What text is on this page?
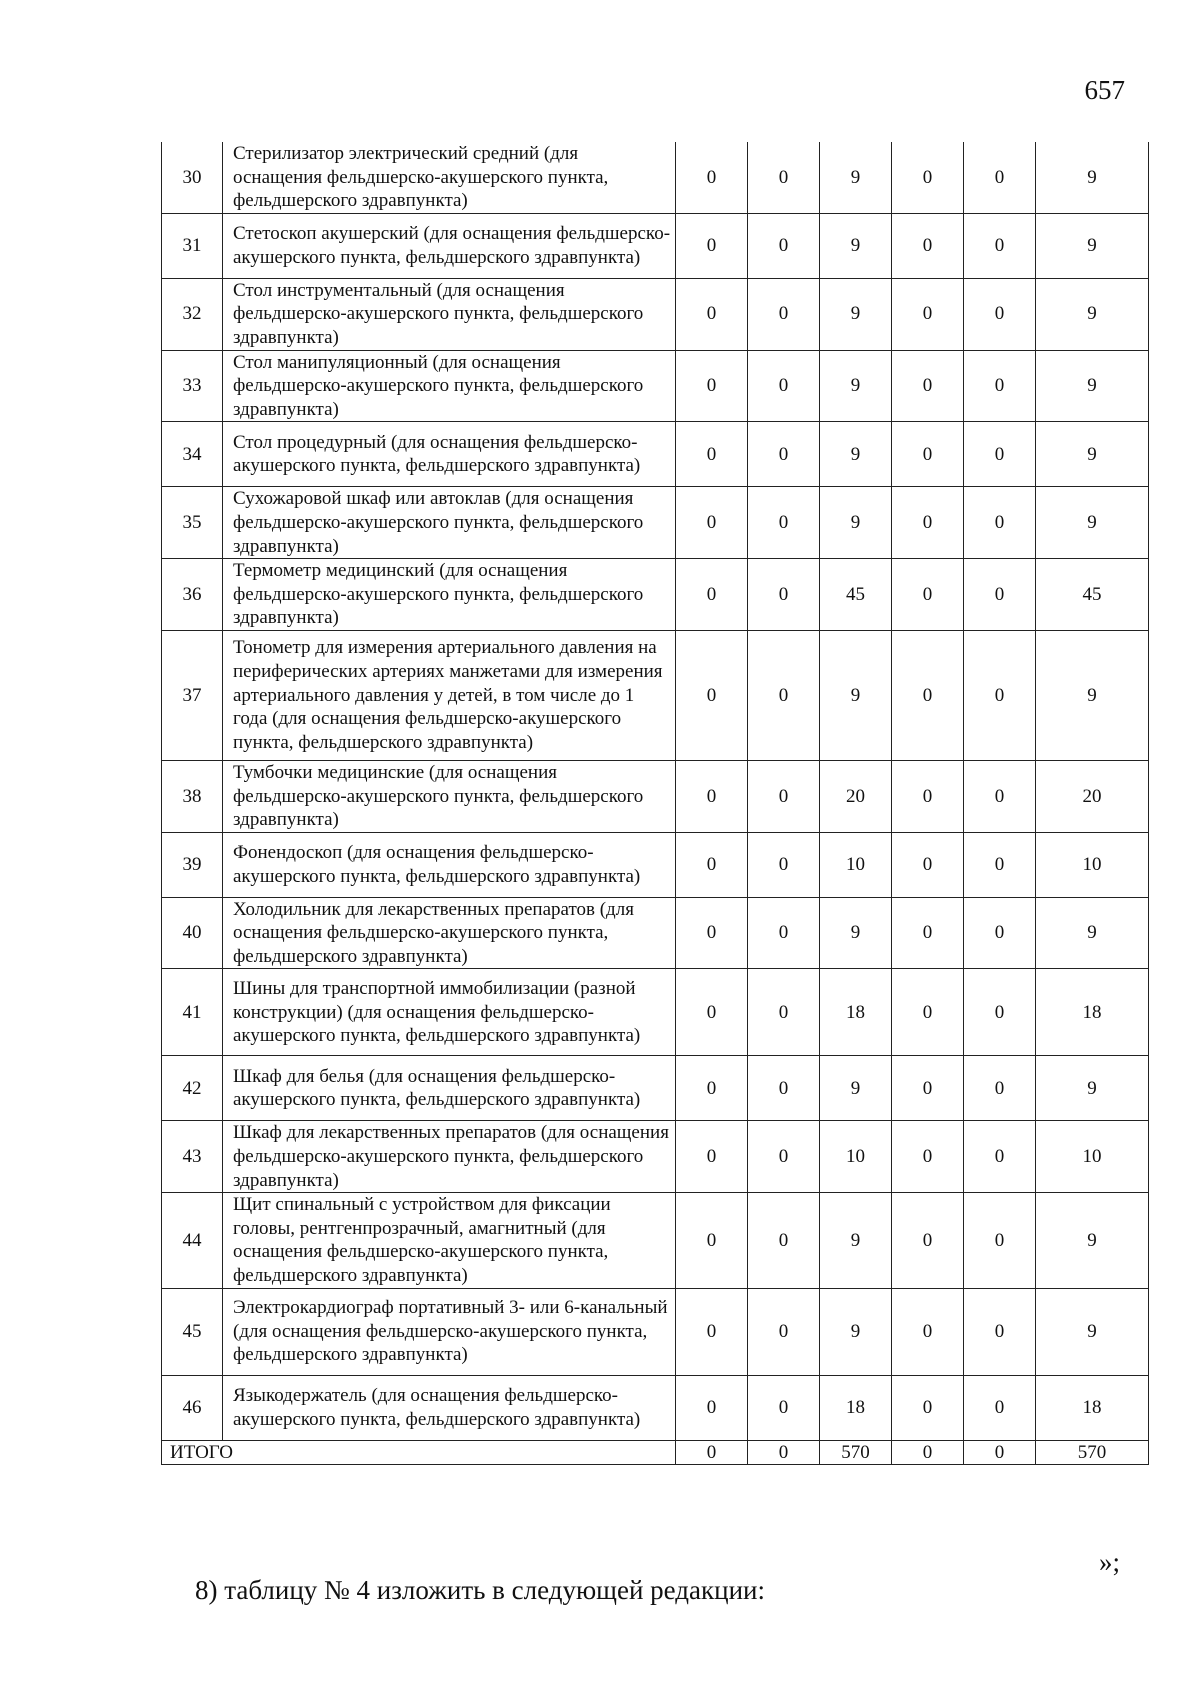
657
30	Стерилизатор электрический средний (для оснащения фельдшерско-акушерского пункта, фельдшерского здравпункта)	0	0	9	0	0	9
31	Стетоскоп акушерский (для оснащения фельдшерско-акушерского пункта, фельдшерского здравпункта)	0	0	9	0	0	9
32	Стол инструментальный (для оснащения фельдшерско-акушерского пункта, фельдшерского здравпункта)	0	0	9	0	0	9
33	Стол манипуляционный (для оснащения фельдшерско-акушерского пункта, фельдшерского здравпункта)	0	0	9	0	0	9
34	Стол процедурный (для оснащения фельдшерско-акушерского пункта, фельдшерского здравпункта)	0	0	9	0	0	9
35	Сухожаровой шкаф или автоклав (для оснащения фельдшерско-акушерского пункта, фельдшерского здравпункта)	0	0	9	0	0	9
36	Термометр медицинский (для оснащения фельдшерско-акушерского пункта, фельдшерского здравпункта)	0	0	45	0	0	45
37	Тонометр для измерения артериального давления на периферических артериях манжетами для измерения артериального давления у детей, в том числе до 1 года (для оснащения фельдшерско-акушерского пункта, фельдшерского здравпункта)	0	0	9	0	0	9
38	Тумбочки медицинские (для оснащения фельдшерско-акушерского пункта, фельдшерского здравпункта)	0	0	20	0	0	20
39	Фонендоскоп (для оснащения фельдшерско-акушерского пункта, фельдшерского здравпункта)	0	0	10	0	0	10
40	Холодильник для лекарственных препаратов (для оснащения фельдшерско-акушерского пункта, фельдшерского здравпункта)	0	0	9	0	0	9
41	Шины для транспортной иммобилизации (разной конструкции) (для оснащения фельдшерско-акушерского пункта, фельдшерского здравпункта)	0	0	18	0	0	18
42	Шкаф для белья (для оснащения фельдшерско-акушерского пункта, фельдшерского здравпункта)	0	0	9	0	0	9
43	Шкаф для лекарственных препаратов (для оснащения фельдшерско-акушерского пункта, фельдшерского здравпункта)	0	0	10	0	0	10
44	Щит спинальный с устройством для фиксации головы, рентгенпрозрачный, амагнитный (для оснащения фельдшерско-акушерского пункта, фельдшерского здравпункта)	0	0	9	0	0	9
45	Электрокардиограф портативный 3- или 6-канальный (для оснащения фельдшерско-акушерского пункта, фельдшерского здравпункта)	0	0	9	0	0	9
46	Языкодержатель (для оснащения фельдшерско-акушерского пункта, фельдшерского здравпункта)	0	0	18	0	0	18
ИТОГО		0	0	570	0	0	570
»;
8) таблицу № 4 изложить в следующей редакции:
